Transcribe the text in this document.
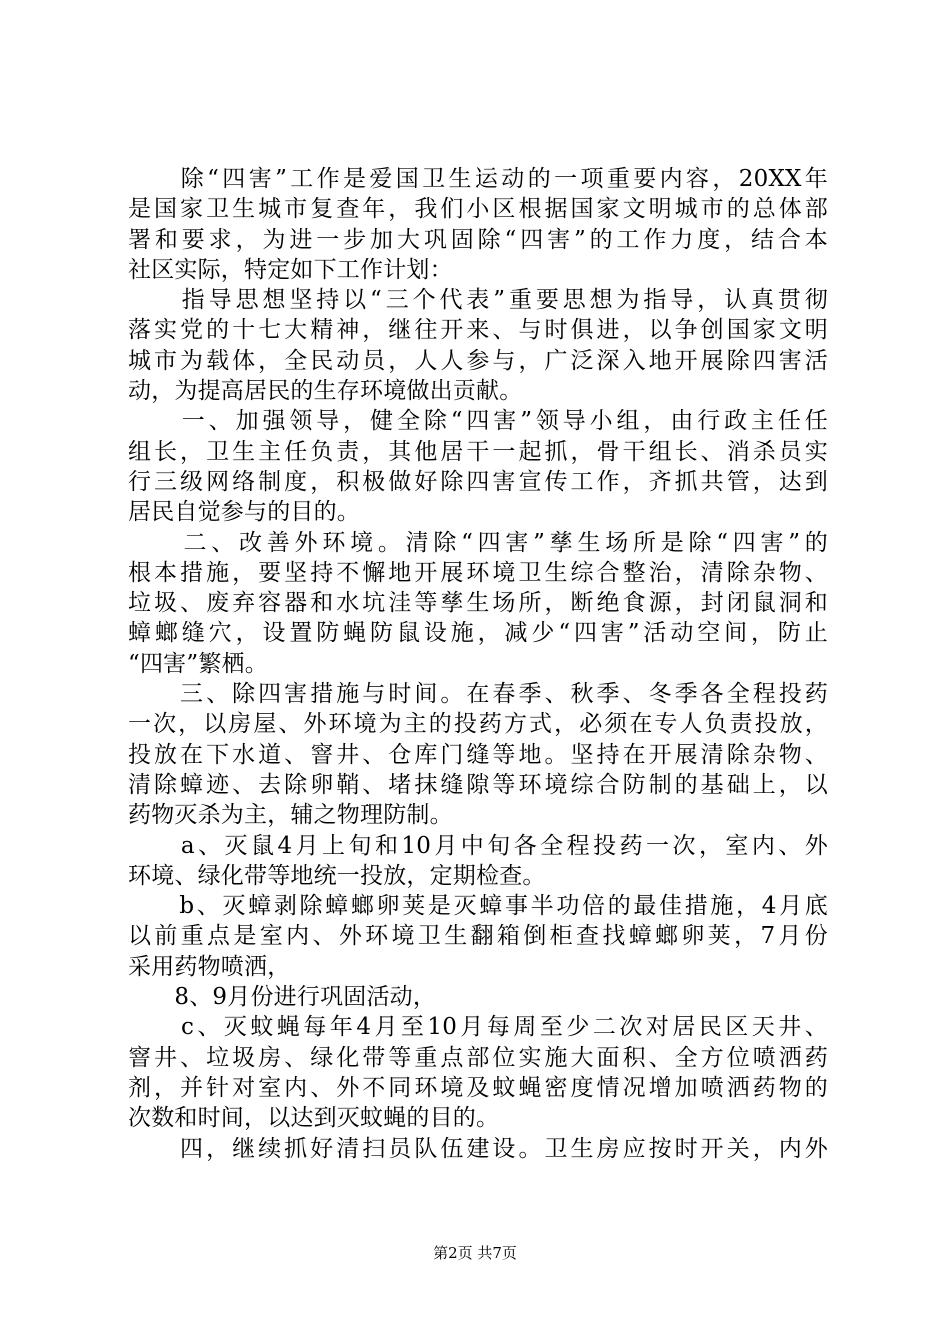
　　除“四害”工作是爱国卫生运动的一项重要内容，20XX年
是国家卫生城市复查年，我们小区根据国家文明城市的总体部
署和要求，为进一步加大巩固除“四害”的工作力度，结合本
社区实际，特定如下工作计划：
　　指导思想坚持以“三个代表”重要思想为指导，认真贯彻
落实党的十七大精神，继往开来、与时俱进，以争创国家文明
城市为载体，全民动员，人人参与，广泛深入地开展除四害活
动，为提高居民的生存环境做出贡献。
　　一、加强领导，健全除“四害”领导小组，由行政主任任
组长，卫生主任负责，其他居干一起抓，骨干组长、消杀员实
行三级网络制度，积极做好除四害宣传工作，齐抓共管，达到
居民自觉参与的目的。
　　二、改善外环境。清除“四害”孳生场所是除“四害”的
根本措施，要坚持不懈地开展环境卫生综合整治，清除杂物、
垃圾、废弃容器和水坑洼等孳生场所，断绝食源，封闭鼠洞和
蟑螂缝穴，设置防蝇防鼠设施，减少“四害”活动空间，防止
“四害”繁栖。
　　三、除四害措施与时间。在春季、秋季、冬季各全程投药
一次，以房屋、外环境为主的投药方式，必须在专人负责投放，
投放在下水道、窨井、仓库门缝等地。坚持在开展清除杂物、
清除蟑迹、去除卵鞘、堵抹缝隙等环境综合防制的基础上，以
药物灭杀为主，辅之物理防制。
　　a、灭鼠4月上旬和10月中旬各全程投药一次，室内、外
环境、绿化带等地统一投放，定期检查。
　　b、灭蟑剥除蟑螂卵荚是灭蟑事半功倍的最佳措施，4月底
以前重点是室内、外环境卫生翻箱倒柜查找蟑螂卵荚，7月份
采用药物喷洒，
　　8、9月份进行巩固活动，
　　c、灭蚊蝇每年4月至10月每周至少二次对居民区天井、
窨井、垃圾房、绿化带等重点部位实施大面积、全方位喷洒药
剂，并针对室内、外不同环境及蚊蝇密度情况增加喷洒药物的
次数和时间，以达到灭蚊蝇的目的。
　　四，继续抓好清扫员队伍建设。卫生房应按时开关，内外
第2页 共7页
